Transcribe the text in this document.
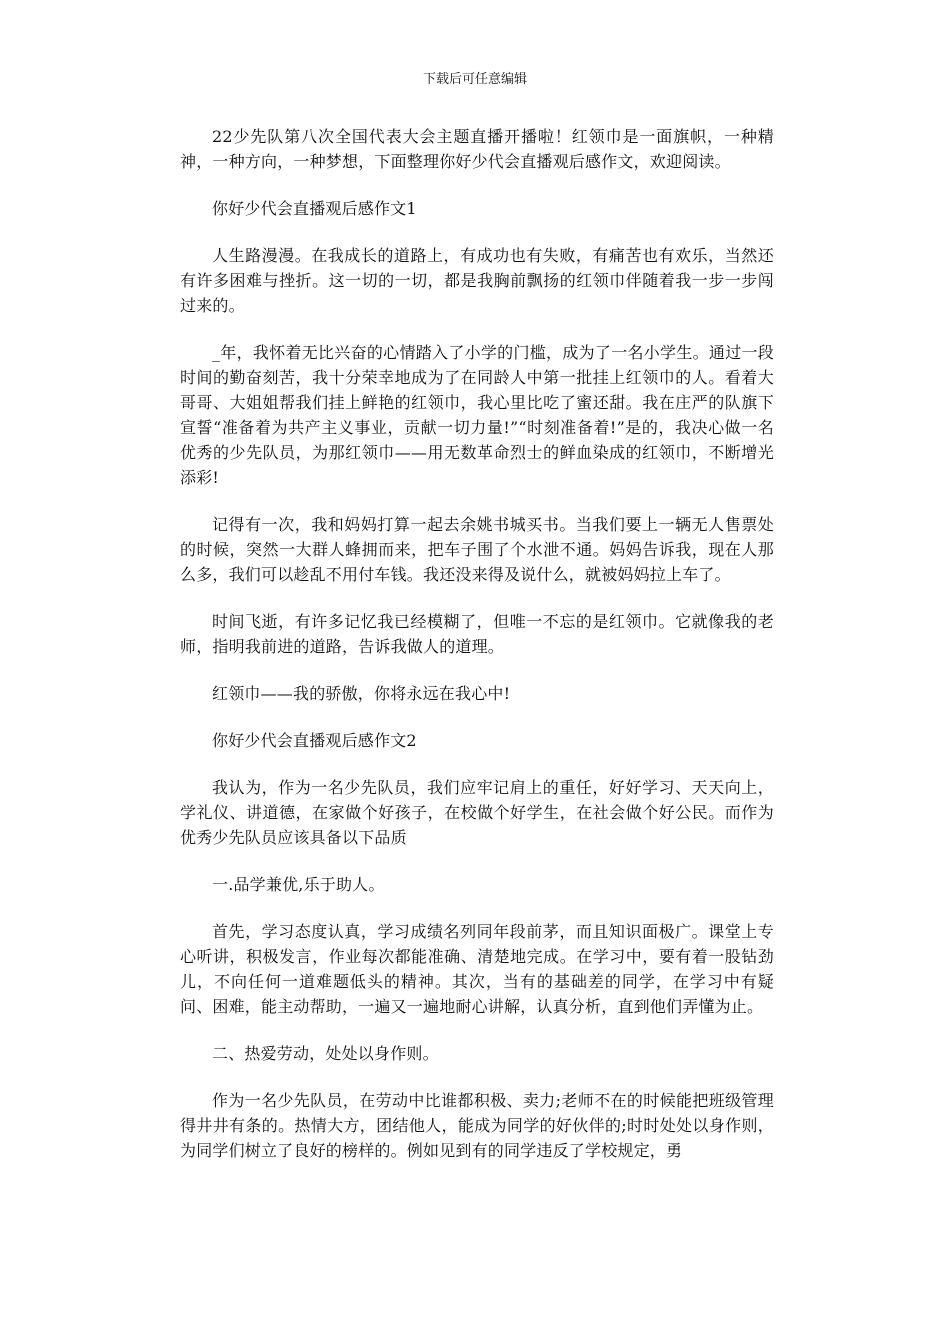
下载后可任意编辑

22少先队第八次全国代表大会主题直播开播啦！红领巾是一面旗帜，一种精神，一种方向，一种梦想，下面整理你好少代会直播观后感作文，欢迎阅读。

你好少代会直播观后感作文1

人生路漫漫。在我成长的道路上，有成功也有失败，有痛苦也有欢乐，当然还有许多困难与挫折。这一切的一切，都是我胸前飘扬的红领巾伴随着我一步一步闯过来的。

_年，我怀着无比兴奋的心情踏入了小学的门槛，成为了一名小学生。通过一段时间的勤奋刻苦，我十分荣幸地成为了在同龄人中第一批挂上红领巾的人。看着大哥哥、大姐姐帮我们挂上鲜艳的红领巾，我心里比吃了蜜还甜。我在庄严的队旗下宣誓“准备着为共产主义事业，贡献一切力量!”“时刻准备着!”是的，我决心做一名优秀的少先队员，为那红领巾——用无数革命烈士的鲜血染成的红领巾，不断增光添彩!

记得有一次，我和妈妈打算一起去余姚书城买书。当我们要上一辆无人售票处的时候，突然一大群人蜂拥而来，把车子围了个水泄不通。妈妈告诉我，现在人那么多，我们可以趁乱不用付车钱。我还没来得及说什么，就被妈妈拉上车了。

时间飞逝，有许多记忆我已经模糊了，但唯一不忘的是红领巾。它就像我的老师，指明我前进的道路，告诉我做人的道理。

红领巾——我的骄傲，你将永远在我心中!

你好少代会直播观后感作文2

我认为，作为一名少先队员，我们应牢记肩上的重任，好好学习、天天向上，学礼仪、讲道德，在家做个好孩子，在校做个好学生，在社会做个好公民。而作为优秀少先队员应该具备以下品质

一.品学兼优,乐于助人。

首先，学习态度认真，学习成绩名列同年段前茅，而且知识面极广。课堂上专心听讲，积极发言，作业每次都能准确、清楚地完成。在学习中，要有着一股钻劲儿，不向任何一道难题低头的精神。其次，当有的基础差的同学，在学习中有疑问、困难，能主动帮助，一遍又一遍地耐心讲解，认真分析，直到他们弄懂为止。

二、热爱劳动，处处以身作则。

作为一名少先队员，在劳动中比谁都积极、卖力;老师不在的时候能把班级管理得井井有条的。热情大方，团结他人，能成为同学的好伙伴的;时时处处以身作则，为同学们树立了良好的榜样的。例如见到有的同学违反了学校规定，勇
